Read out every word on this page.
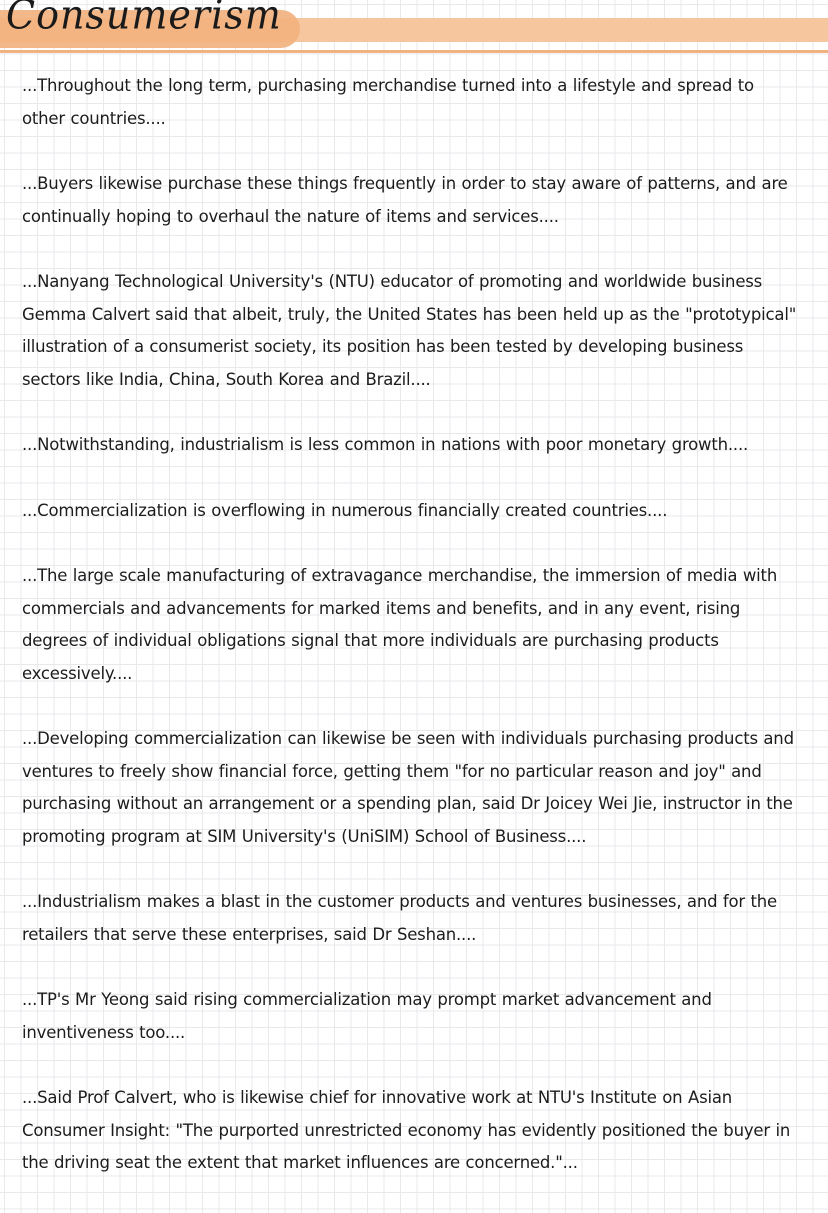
Consumerism

...Throughout the long term, purchasing merchandise turned into a lifestyle and spread to other countries....

...Buyers likewise purchase these things frequently in order to stay aware of patterns, and are continually hoping to overhaul the nature of items and services....

...Nanyang Technological University's (NTU) educator of promoting and worldwide business Gemma Calvert said that albeit, truly, the United States has been held up as the "prototypical" illustration of a consumerist society, its position has been tested by developing business sectors like India, China, South Korea and Brazil....

...Notwithstanding, industrialism is less common in nations with poor monetary growth....

...Commercialization is overflowing in numerous financially created countries....

...The large scale manufacturing of extravagance merchandise, the immersion of media with commercials and advancements for marked items and benefits, and in any event, rising degrees of individual obligations signal that more individuals are purchasing products excessively....

...Developing commercialization can likewise be seen with individuals purchasing products and ventures to freely show financial force, getting them "for no particular reason and joy" and purchasing without an arrangement or a spending plan, said Dr Joicey Wei Jie, instructor in the promoting program at SIM University's (UniSIM) School of Business....

...Industrialism makes a blast in the customer products and ventures businesses, and for the retailers that serve these enterprises, said Dr Seshan....

...TP's Mr Yeong said rising commercialization may prompt market advancement and inventiveness too....

...Said Prof Calvert, who is likewise chief for innovative work at NTU's Institute on Asian Consumer Insight: "The purported unrestricted economy has evidently positioned the buyer in the driving seat the extent that market influences are concerned."...
